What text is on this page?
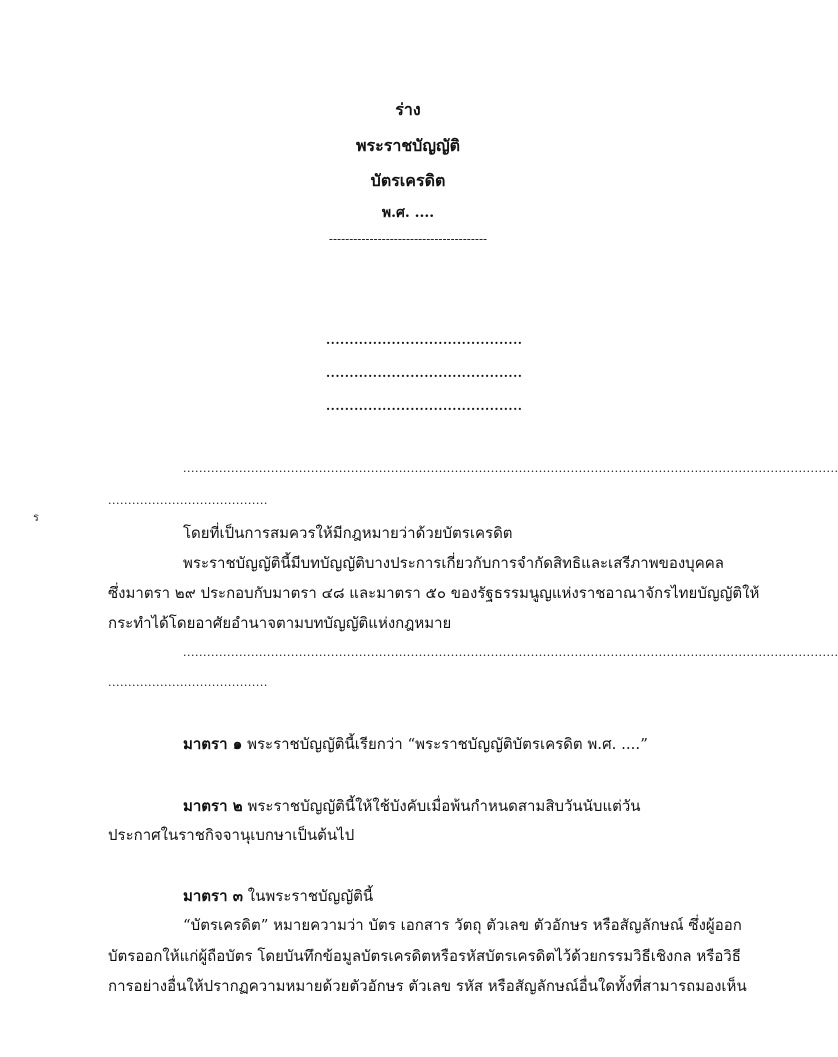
ร่าง
พระราชบัญญัติ
บัตรเครดิต
พ.ศ. ....
---------------------------------------
..........................................
..........................................
..........................................
ร
....................................................................................................................................................................
........................................
โดยที่เป็นการสมควรให้มีกฎหมายว่าด้วยบัตรเครดิต
พระราชบัญญัตินี้มีบทบัญญัติบางประการเกี่ยวกับการจำกัดสิทธิและเสรีภาพของบุคคล
ซึ่งมาตรา ๒๙ ประกอบกับมาตรา ๔๘ และมาตรา ๕๐ ของรัฐธรรมนูญแห่งราชอาณาจักรไทยบัญญัติให้
กระทำได้โดยอาศัยอำนาจตามบทบัญญัติแห่งกฎหมาย
....................................................................................................................................................................
........................................
มาตรา ๑ พระราชบัญญัตินี้เรียกว่า “พระราชบัญญัติบัตรเครดิต พ.ศ. ....”
มาตรา ๒ พระราชบัญญัตินี้ให้ใช้บังคับเมื่อพ้นกำหนดสามสิบวันนับแต่วัน
ประกาศในราชกิจจานุเบกษาเป็นต้นไป
มาตรา ๓ ในพระราชบัญญัตินี้
“บัตรเครดิต” หมายความว่า บัตร เอกสาร วัตถุ ตัวเลข ตัวอักษร หรือสัญลักษณ์ ซึ่งผู้ออก
บัตรออกให้แก่ผู้ถือบัตร โดยบันทึกข้อมูลบัตรเครดิตหรือรหัสบัตรเครดิตไว้ด้วยกรรมวิธีเชิงกล หรือวิธี
การอย่างอื่นให้ปรากฏความหมายด้วยตัวอักษร ตัวเลข รหัส หรือสัญลักษณ์อื่นใดทั้งที่สามารถมองเห็น
